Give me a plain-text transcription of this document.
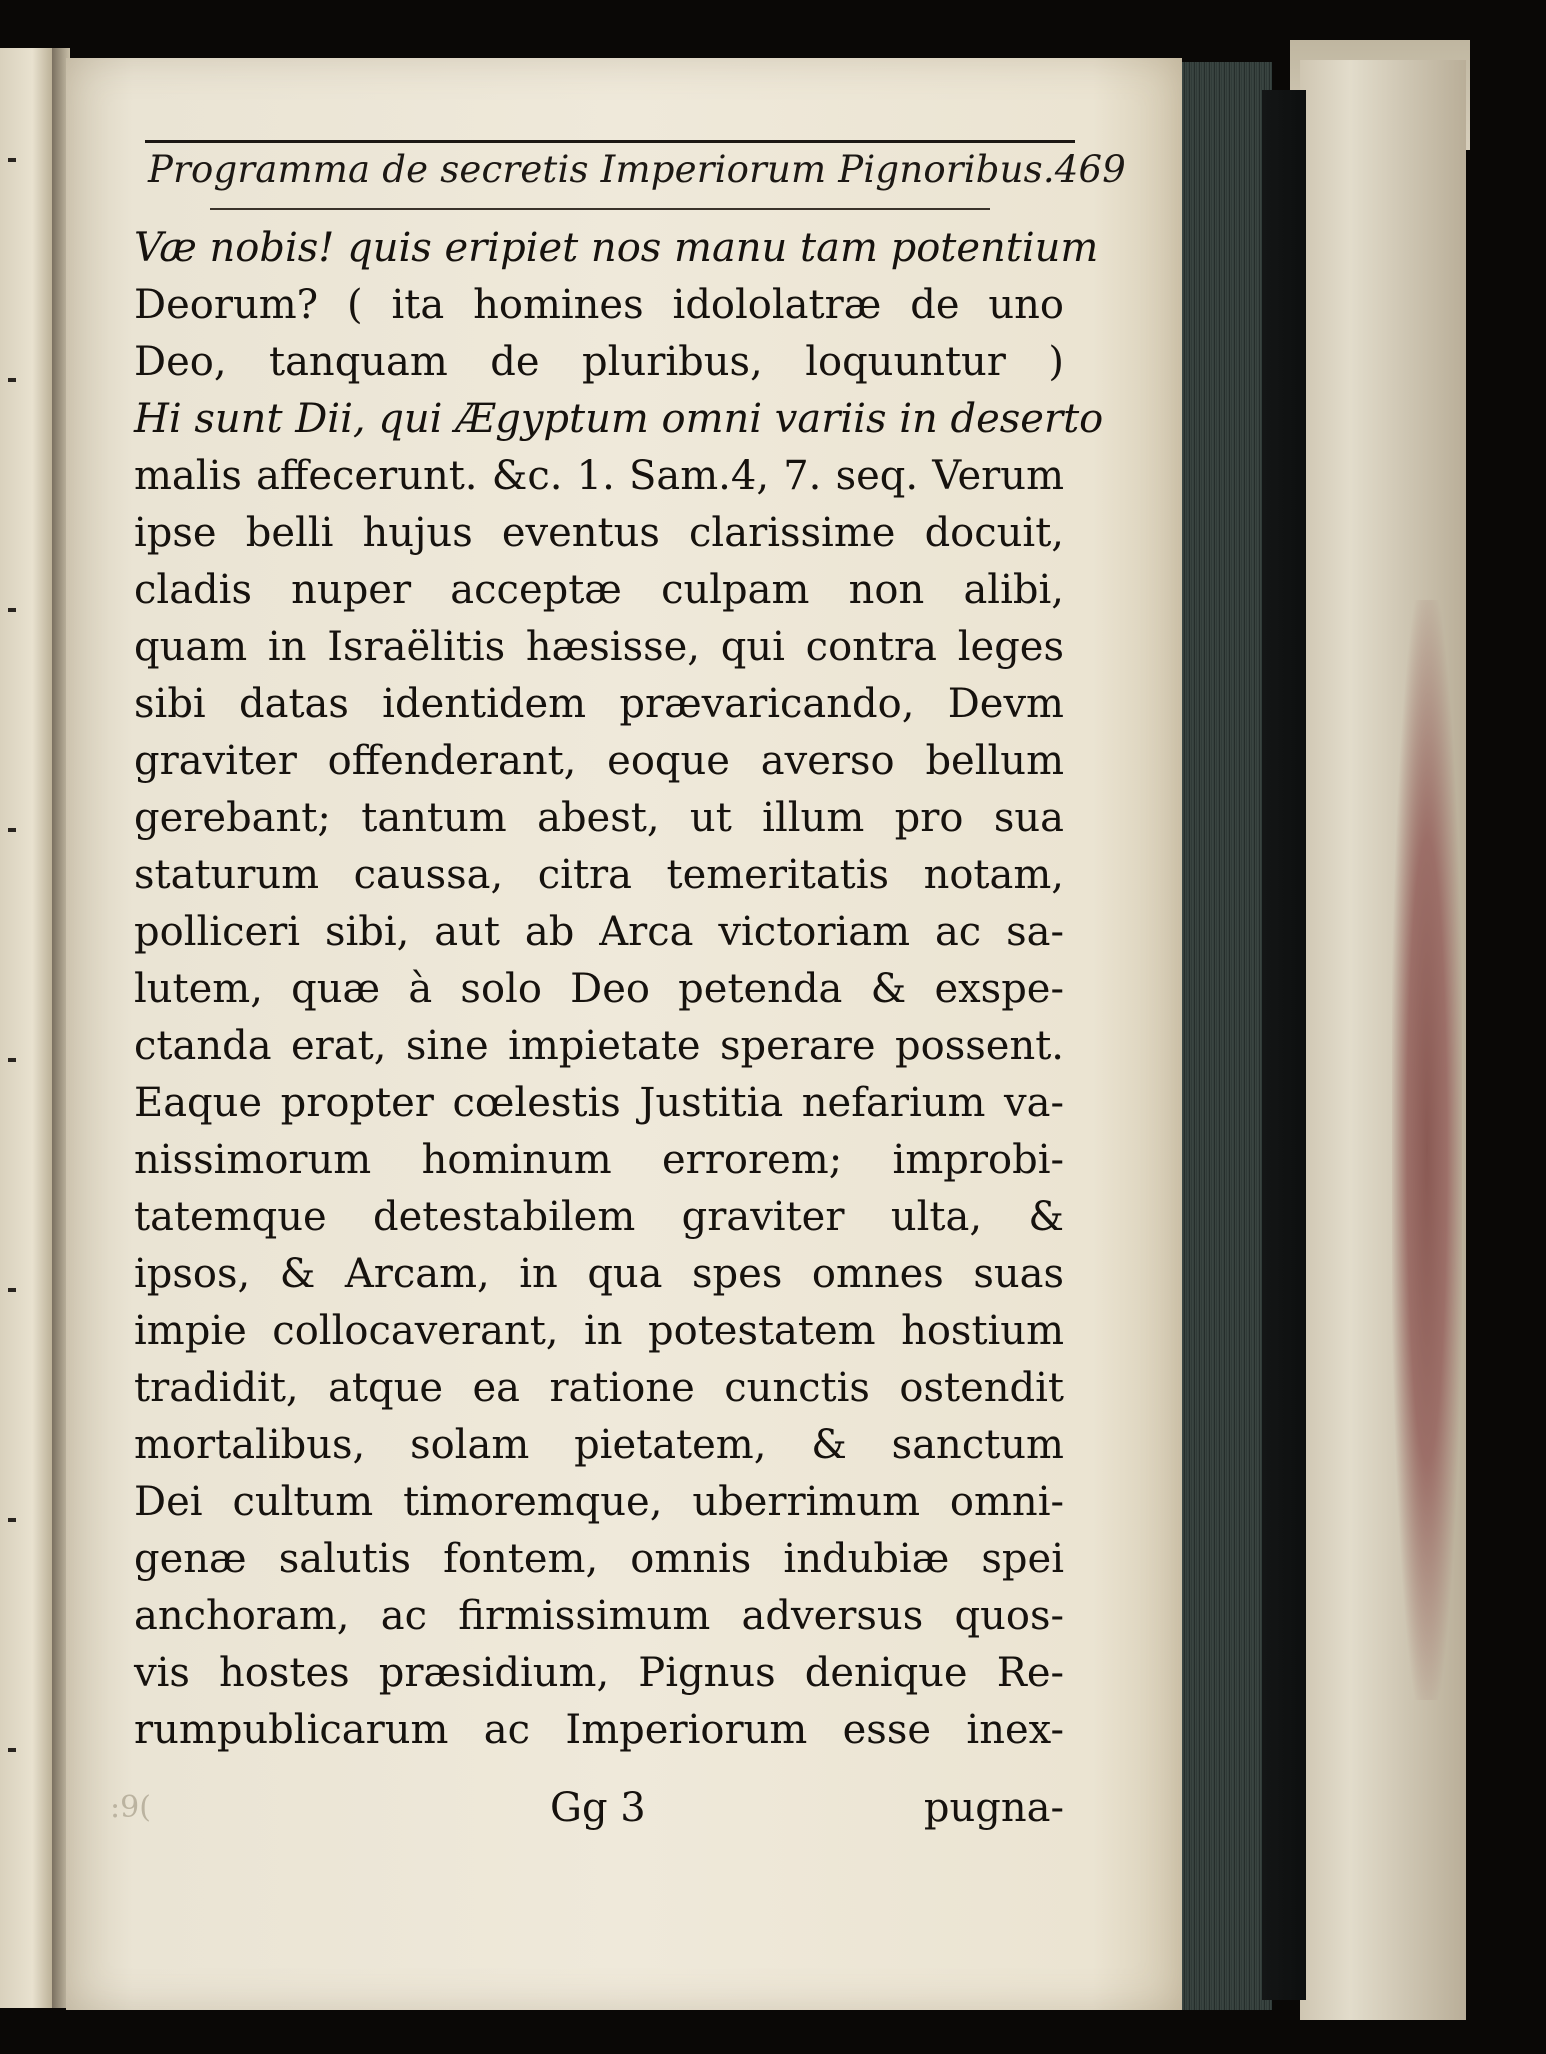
Programma de secretis Imperiorum Pignoribus.469
Væ nobis! quis eripiet nos manu tam potentium
Deorum? ( ita homines idololatræ de uno
Deo, tanquam de pluribus, loquuntur )
Hi sunt Dii, qui Ægyptum omni variis in deserto
malis affecerunt. &c. 1. Sam.4, 7. seq. Verum
ipse belli hujus eventus clarissime docuit,
cladis nuper acceptæ culpam non alibi,
quam in Israëlitis hæsisse, qui contra leges
sibi datas identidem prævaricando, Devm
graviter offenderant, eoque averso bellum
gerebant; tantum abest, ut illum pro sua
staturum caussa, citra temeritatis notam,
polliceri sibi, aut ab Arca victoriam ac sa-
lutem, quæ à solo Deo petenda & exspe-
ctanda erat, sine impietate sperare possent.
Eaque propter cœlestis Justitia nefarium va-
nissimorum hominum errorem; improbi-
tatemque detestabilem graviter ulta, &
ipsos, & Arcam, in qua spes omnes suas
impie collocaverant, in potestatem hostium
tradidit, atque ea ratione cunctis ostendit
mortalibus, solam pietatem, & sanctum
Dei cultum timoremque, uberrimum omni-
genæ salutis fontem, omnis indubiæ spei
anchoram, ac firmissimum adversus quos-
vis hostes præsidium, Pignus denique Re-
rumpublicarum ac Imperiorum esse inex-
:9(	Gg 3	pugna-
